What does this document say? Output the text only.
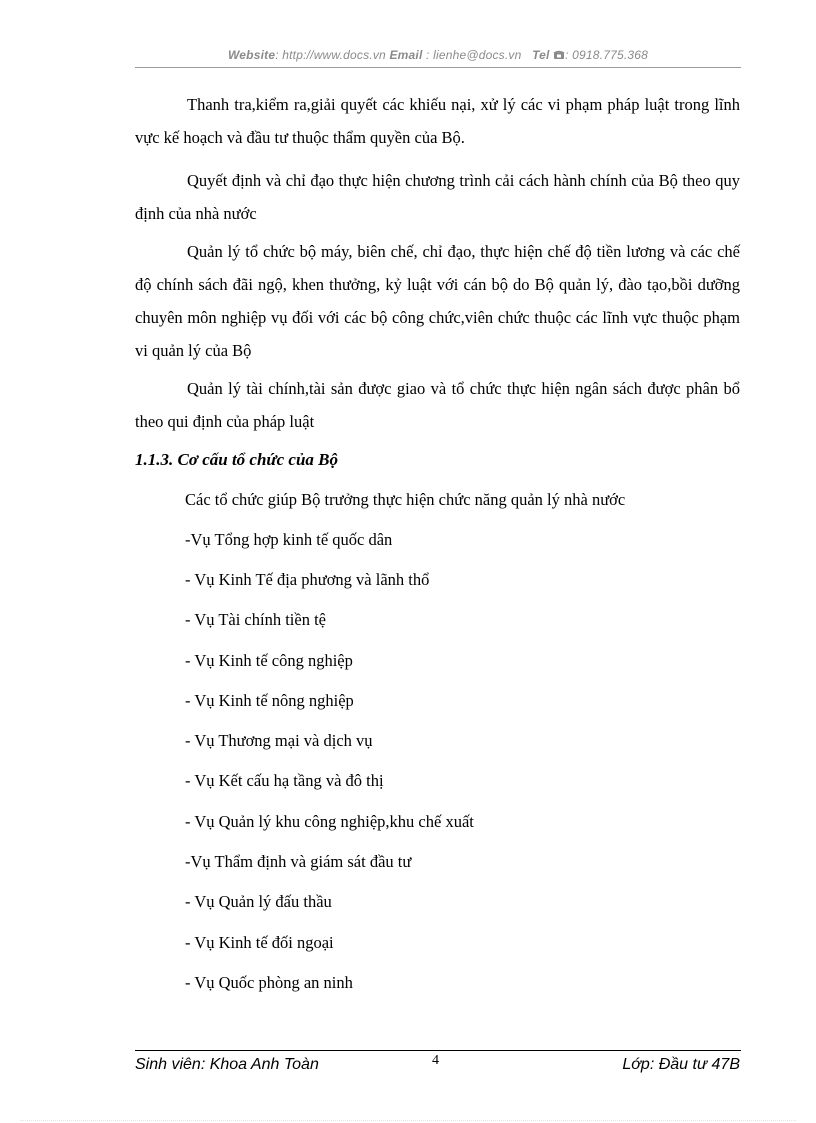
Website: http://www.docs.vn Email : lienhe@docs.vn Tel : 0918.775.368

Thanh tra,kiểm ra,giải quyết các khiếu nại, xử lý các vi phạm pháp luật trong lĩnh vực kế hoạch và đầu tư thuộc thẩm quyền của Bộ.

Quyết định và chỉ đạo thực hiện chương trình cải cách hành chính của Bộ theo quy định của nhà nước

Quản lý tổ chức bộ máy, biên chế, chỉ đạo, thực hiện chế độ tiền lương và các chế độ chính sách đãi ngộ, khen thưởng, kỷ luật với cán bộ do Bộ quản lý, đào tạo,bồi dưỡng chuyên môn nghiệp vụ đối với các bộ công chức,viên chức thuộc các lĩnh vực thuộc phạm vi quản lý của Bộ

Quản lý tài chính,tài sản được giao và tổ chức thực hiện ngân sách được phân bổ theo qui định của pháp luật

1.1.3. Cơ cấu tổ chức của Bộ

Các tổ chức giúp Bộ trưởng thực hiện chức năng quản lý nhà nước

-Vụ Tổng hợp kinh tế quốc dân

- Vụ Kinh Tế địa phương và lãnh thổ

- Vụ Tài chính tiền tệ

- Vụ Kinh tế công nghiệp

- Vụ Kinh tế nông nghiệp

- Vụ Thương mại và dịch vụ

- Vụ Kết cấu hạ tầng và đô thị

- Vụ Quản lý khu công nghiệp,khu chế xuất

-Vụ Thẩm định và giám sát đầu tư

- Vụ Quản lý đấu thầu

- Vụ Kinh tế đối ngoại

- Vụ Quốc phòng an ninh

Sinh viên: Khoa Anh Toàn	4	Lớp: Đầu tư 47B
